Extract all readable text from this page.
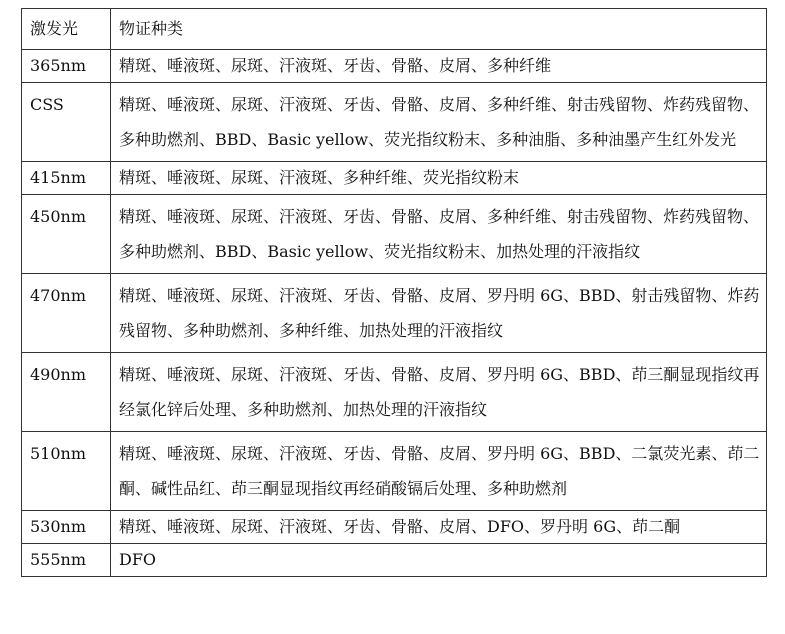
激发光	物证种类
365nm	精斑、唾液斑、尿斑、汗液斑、牙齿、骨骼、皮屑、多种纤维
CSS	精斑、唾液斑、尿斑、汗液斑、牙齿、骨骼、皮屑、多种纤维、射击残留物、炸药残留物、多种助燃剂、BBD、Basic yellow、荧光指纹粉末、多种油脂、多种油墨产生红外发光
415nm	精斑、唾液斑、尿斑、汗液斑、多种纤维、荧光指纹粉末
450nm	精斑、唾液斑、尿斑、汗液斑、牙齿、骨骼、皮屑、多种纤维、射击残留物、炸药残留物、多种助燃剂、BBD、Basic yellow、荧光指纹粉末、加热处理的汗液指纹
470nm	精斑、唾液斑、尿斑、汗液斑、牙齿、骨骼、皮屑、罗丹明 6G、BBD、射击残留物、炸药残留物、多种助燃剂、多种纤维、加热处理的汗液指纹
490nm	精斑、唾液斑、尿斑、汗液斑、牙齿、骨骼、皮屑、罗丹明 6G、BBD、茚三酮显现指纹再经氯化锌后处理、多种助燃剂、加热处理的汗液指纹
510nm	精斑、唾液斑、尿斑、汗液斑、牙齿、骨骼、皮屑、罗丹明 6G、BBD、二氯荧光素、茚二酮、碱性品红、茚三酮显现指纹再经硝酸镉后处理、多种助燃剂
530nm	精斑、唾液斑、尿斑、汗液斑、牙齿、骨骼、皮屑、DFO、罗丹明 6G、茚二酮
555nm	DFO
